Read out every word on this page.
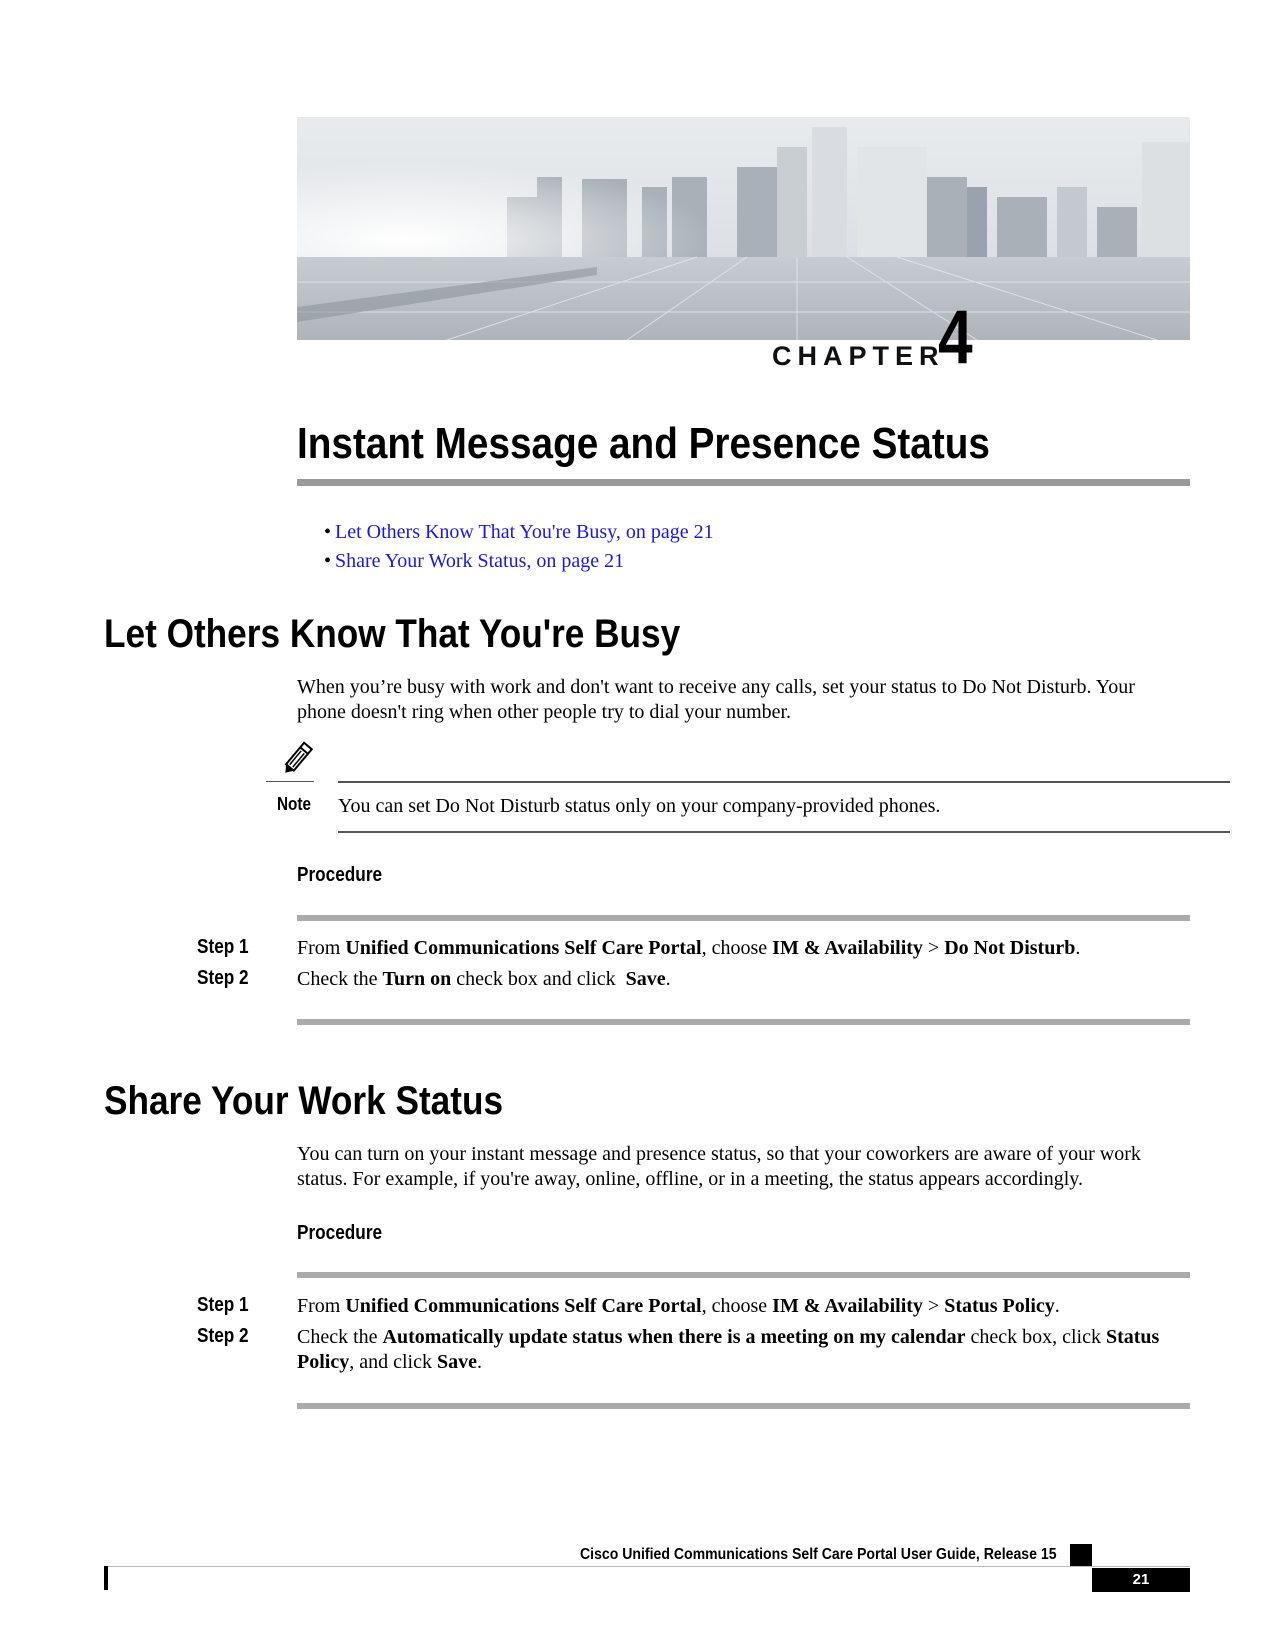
CHAPTER
4
Instant Message and Presence Status
• Let Others Know That You're Busy, on page 21
• Share Your Work Status, on page 21
Let Others Know That You're Busy

When you’re busy with work and don't want to receive any calls, set your status to Do Not Disturb. Your phone doesn't ring when other people try to dial your number.

Note You can set Do Not Disturb status only on your company-provided phones.
Procedure
Step 1 From Unified Communications Self Care Portal, choose IM & Availability > Do Not Disturb.
Step 2 Check the Turn on check box and click  Save.
Share Your Work Status

You can turn on your instant message and presence status, so that your coworkers are aware of your work status. For example, if you're away, online, offline, or in a meeting, the status appears accordingly.

Procedure
Step 1 From Unified Communications Self Care Portal, choose IM & Availability > Status Policy.
Step 2 Check the Automatically update status when there is a meeting on my calendar check box, click Status Policy, and click Save.
Cisco Unified Communications Self Care Portal User Guide, Release 15
21
